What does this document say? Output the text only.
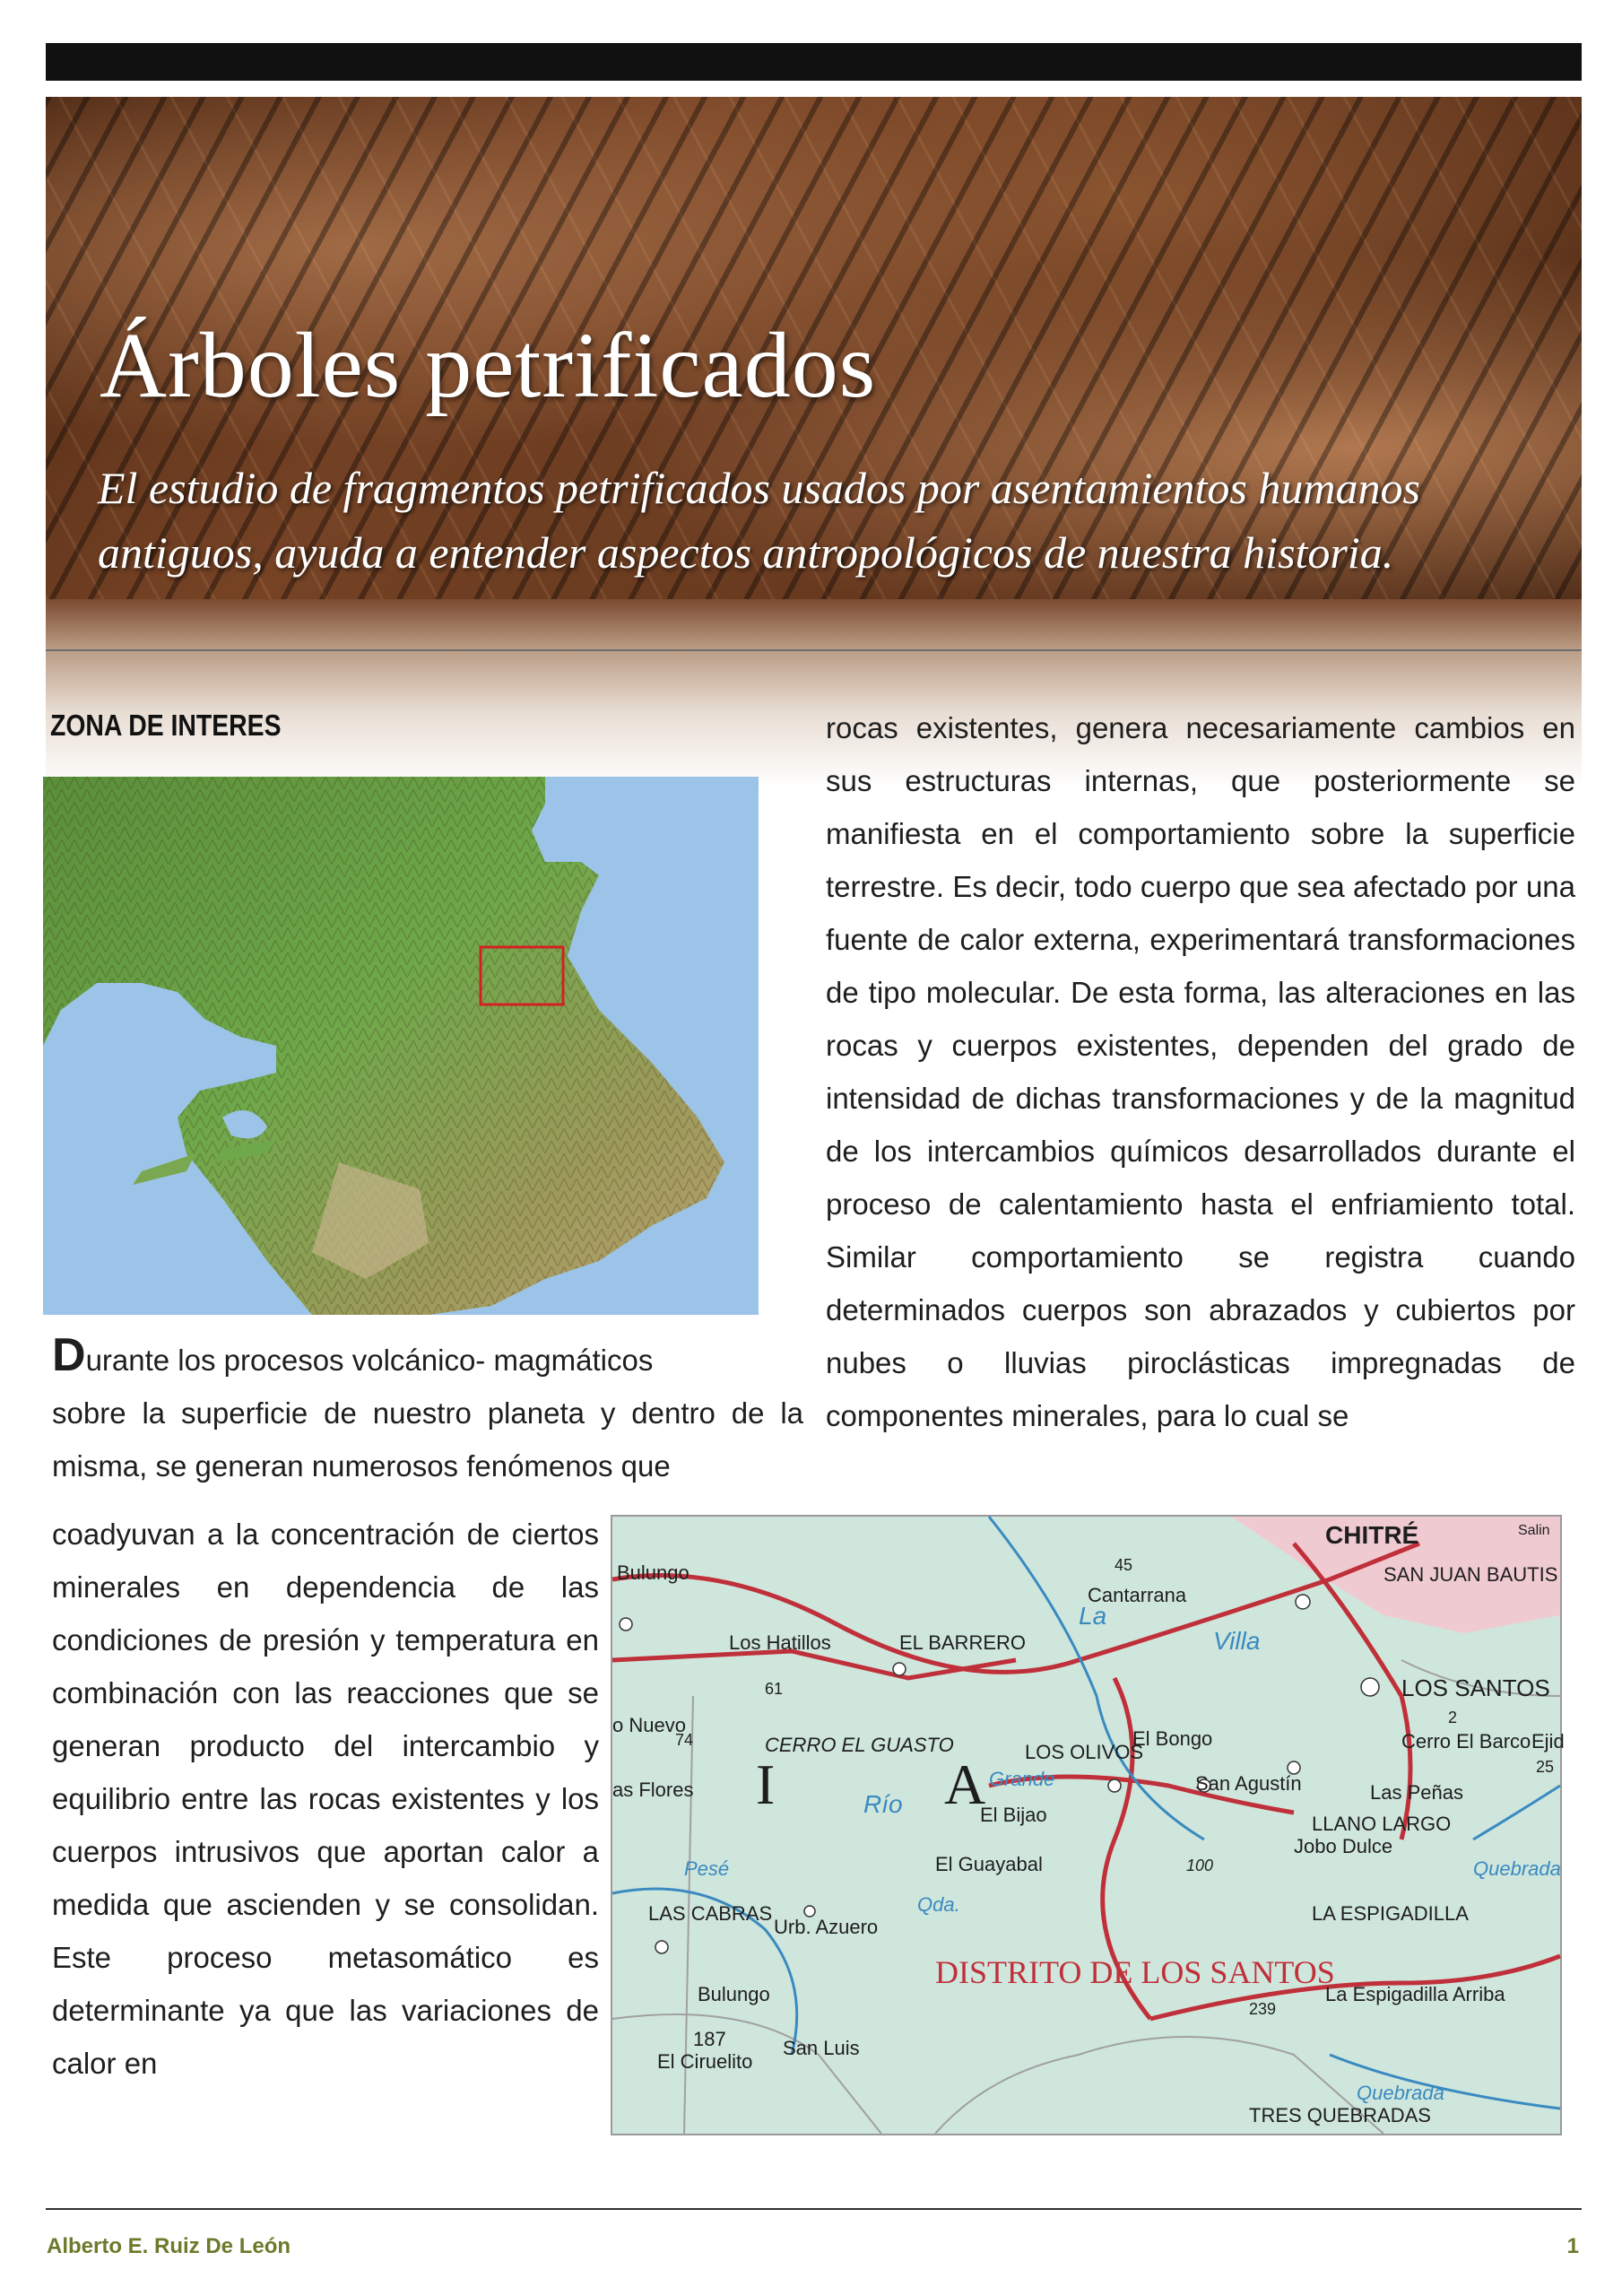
Árboles petrificados

El estudio de fragmentos petrificados usados por asentamientos humanos antiguos, ayuda a entender aspectos antropológicos de nuestra historia.

ZONA DE INTERES	rocas existentes, genera necesariamente cambios en sus estructuras internas, que posteriormente se manifiesta en el comportamiento sobre la superficie terrestre. Es decir, todo cuerpo que sea afectado por una fuente de calor externa, experimentará transformaciones de tipo molecular. De esta forma, las alteraciones en las rocas y cuerpos existentes, dependen del grado de intensidad de dichas transformaciones y de la magnitud de los intercambios químicos desarrollados durante el proceso de calentamiento hasta el enfriamiento total. Similar comportamiento se registra cuando determinados cuerpos son abrazados y cubiertos por nubes o lluvias piroclásticas impregnadas de componentes minerales, para lo cual se

Durante los procesos volcánico- magmáticos
sobre la superficie de nuestro planeta y dentro de la misma, se generan numerosos fenómenos que

coadyuvan a la concentración de ciertos minerales en dependencia de las condiciones de presión y temperatura en combinación con las reacciones que se generan producto del intercambio y equilibrio entre las rocas existentes y los cuerpos intrusivos que aportan calor a medida que ascienden y se consolidan. Este proceso metasomático es determinante ya que las variaciones de calor en

CHITRÉ	Salin
SAN JUAN BAUTIS
Bulungo
Los Hatillos	EL BARRERO
Cantarrana
La
Villa
LOS SANTOS
Cerro El Barco Ejid
o Nuevo
CERRO EL GUASTO
I	A
LOS OLIVOS
El Bongo
San Agustín
as Flores
Río	El Bijao
Las Peñas
LLANO LARGO
Jobo Dulce
Quebrada
El Guayabal
Qda.
Grande
Pesé
LAS CABRAS
Urb. Azuero
LA ESPIGADILLA
DISTRITO DE LOS SANTOS
Bulungo	La Espigadilla Arriba
187
El Ciruelito
San Luis
TRES QUEBRADAS
Quebrada
45
61
2
74
25
100
239

Alberto E. Ruiz De León	1
